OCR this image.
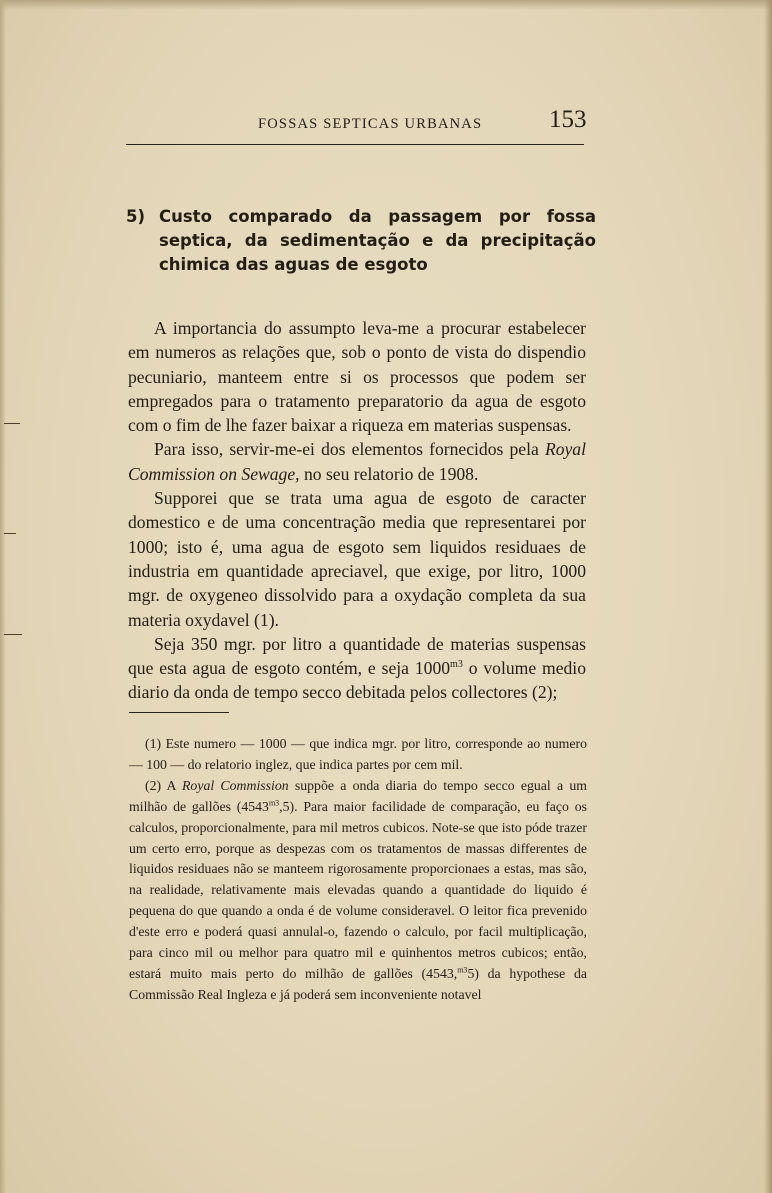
FOSSAS SEPTICAS URBANAS	153
5) Custo comparado da passagem por fossa septica, da sedimentação e da precipitação chimica das aguas de esgoto

A importancia do assumpto leva-me a procurar estabelecer em numeros as relações que, sob o ponto de vista do dispendio pecuniario, manteem entre si os processos que podem ser empregados para o tratamento preparatorio da agua de esgoto com o fim de lhe fazer baixar a riqueza em materias suspensas.

Para isso, servir-me-ei dos elementos fornecidos pela Royal Commission on Sewage, no seu relatorio de 1908.

Supporei que se trata uma agua de esgoto de caracter domestico e de uma concentração media que representarei por 1000; isto é, uma agua de esgoto sem liquidos residuaes de industria em quantidade apreciavel, que exige, por litro, 1000 mgr. de oxygeneo dissolvido para a oxydação completa da sua materia oxydavel (1).

Seja 350 mgr. por litro a quantidade de materias suspensas que esta agua de esgoto contém, e seja $1000^{m3}$ o volume medio diario da onda de tempo secco debitada pelos collectores (2);

(1) Este numero — 1000 — que indica mgr. por litro, corresponde ao numero — 100 — do relatorio inglez, que indica partes por cem mil.

(2) A Royal Commission suppõe a onda diaria do tempo secco egual a um milhão de gallões $(4543^{m3},5)$. Para maior facilidade de comparação, eu faço os calculos, proporcionalmente, para mil metros cubicos. Note-se que isto póde trazer um certo erro, porque as despezas com os tratamentos de massas differentes de liquidos residuaes não se manteem rigorosamente proporcionaes a estas, mas são, na realidade, relativamente mais elevadas quando a quantidade do liquido é pequena do que quando a onda é de volume consideravel. O leitor fica prevenido d'este erro e poderá quasi annulal-o, fazendo o calculo, por facil multiplicação, para cinco mil ou melhor para quatro mil e quinhentos metros cubicos; então, estará muito mais perto do milhão de gallões (4543,$^{m3}$5) da hypothese da Commissão Real Ingleza e já poderá sem inconveniente notavel
